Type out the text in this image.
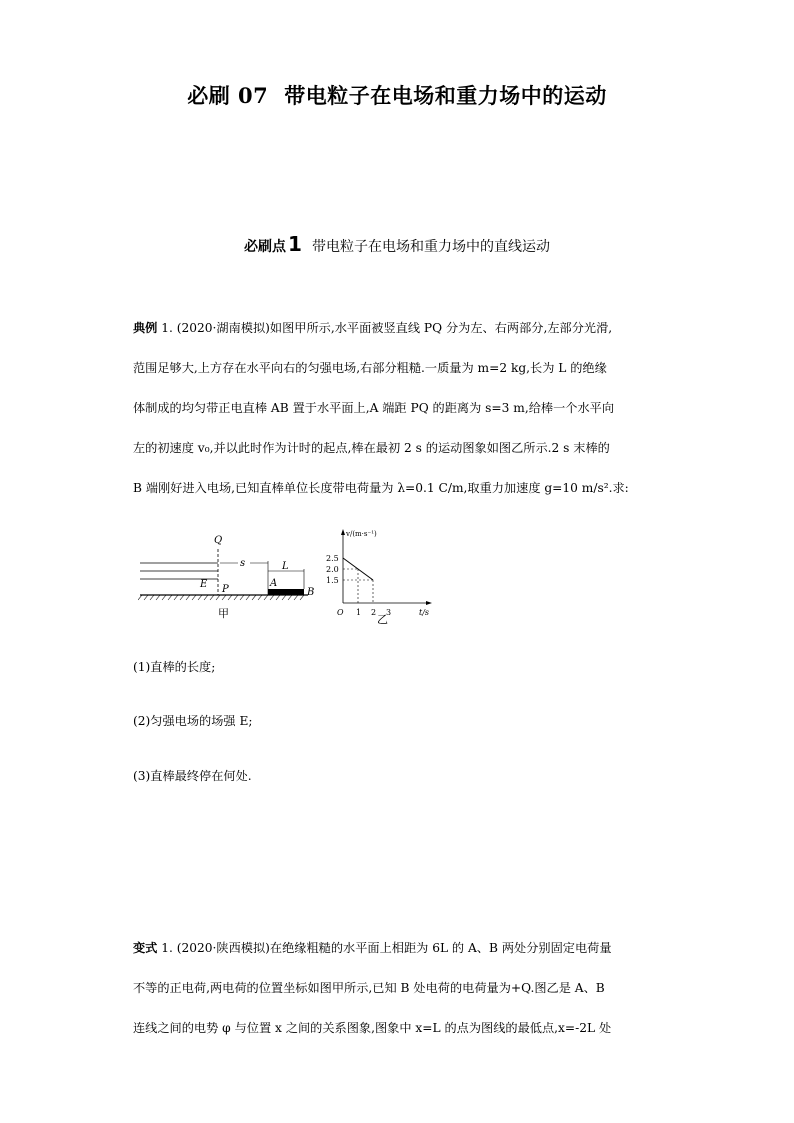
必刷 07 带电粒子在电场和重力场中的运动
必刷点 1 带电粒子在电场和重力场中的直线运动
典例 1. (2020·湖南模拟)如图甲所示,水平面被竖直线 PQ 分为左、右两部分,左部分光滑,
范围足够大,上方存在水平向右的匀强电场,右部分粗糙.一质量为 m=2 kg,长为 L 的绝缘
体制成的均匀带正电直棒 AB 置于水平面上,A 端距 PQ 的距离为 s=3 m,给棒一个水平向
左的初速度 v₀,并以此时作为计时的起点,棒在最初 2 s 的运动图象如图乙所示.2 s 末棒的
B 端刚好进入电场,已知直棒单位长度带电荷量为 λ=0.1 C/m,取重力加速度 g=10 m/s².求:
Q
s	L
E P
A
B
甲
v/(m·s⁻¹)
t/s
O
2.5
2.0
1.5
1 2 3
乙
(1)直棒的长度;
(2)匀强电场的场强 E;
(3)直棒最终停在何处.
变式 1. (2020·陕西模拟)在绝缘粗糙的水平面上相距为 6L 的 A、B 两处分别固定电荷量
不等的正电荷,两电荷的位置坐标如图甲所示,已知 B 处电荷的电荷量为+Q.图乙是 A、B
连线之间的电势 φ 与位置 x 之间的关系图象,图象中 x=L 的点为图线的最低点,x=-2L 处
